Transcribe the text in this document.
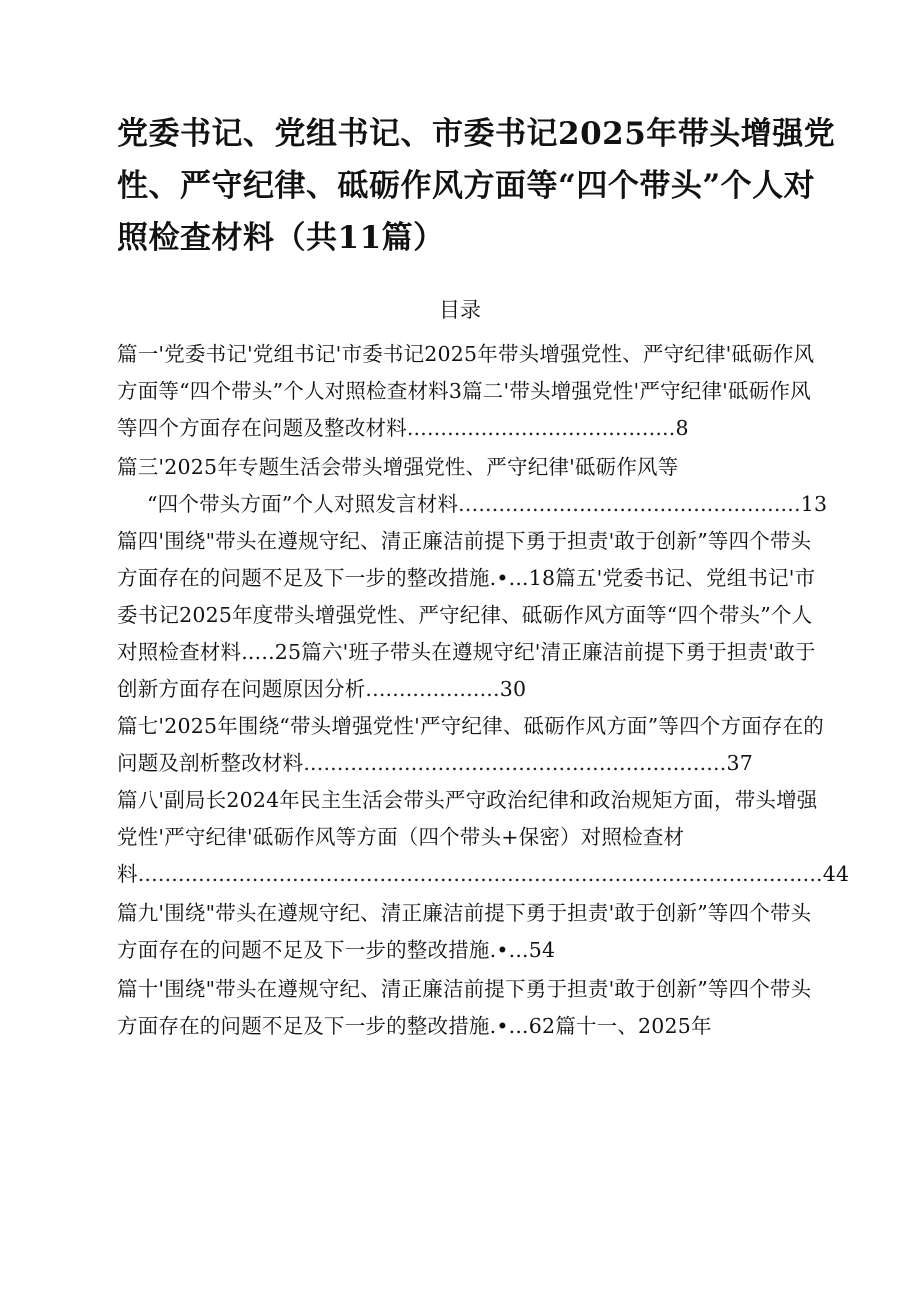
党委书记、党组书记、市委书记2025年带头增强党性、严守纪律、砥砺作风方面等“四个带头”个人对照检查材料（共11篇）
目录

篇一'党委书记'党组书记'市委书记2025年带头增强党性、严守纪律'砥砺作风方面等“四个带头”个人对照检查材料3篇二'带头增强党性'严守纪律'砥砺作风等四个方面存在问题及整改材料........................................8

篇三'2025年专题生活会带头增强党性、严守纪律'砥砺作风等

“四个带头方面”个人对照发言材料...................................................13

篇四'围绕"带头在遵规守纪、清正廉洁前提下勇于担责'敢于创新”等四个带头方面存在的问题不足及下一步的整改措施.•...18篇五'党委书记、党组书记'市委书记2025年度带头增强党性、严守纪律、砥砺作风方面等“四个带头”个人对照检查材料.....25篇六'班子带头在遵规守纪'清正廉洁前提下勇于担责'敢于创新方面存在问题原因分析....................30

篇七'2025年围绕“带头增强党性'严守纪律、砥砺作风方面”等四个方面存在的问题及剖析整改材料...............................................................37

篇八'副局长2024年民主生活会带头严守政治纪律和政治规矩方面，带头增强党性'严守纪律'砥砺作风等方面（四个带头+保密）对照检查材料......................................................................................................44

篇九'围绕"带头在遵规守纪、清正廉洁前提下勇于担责'敢于创新”等四个带头方面存在的问题不足及下一步的整改措施.•...54

篇十'围绕"带头在遵规守纪、清正廉洁前提下勇于担责'敢于创新”等四个带头方面存在的问题不足及下一步的整改措施.•...62篇十一、2025年
